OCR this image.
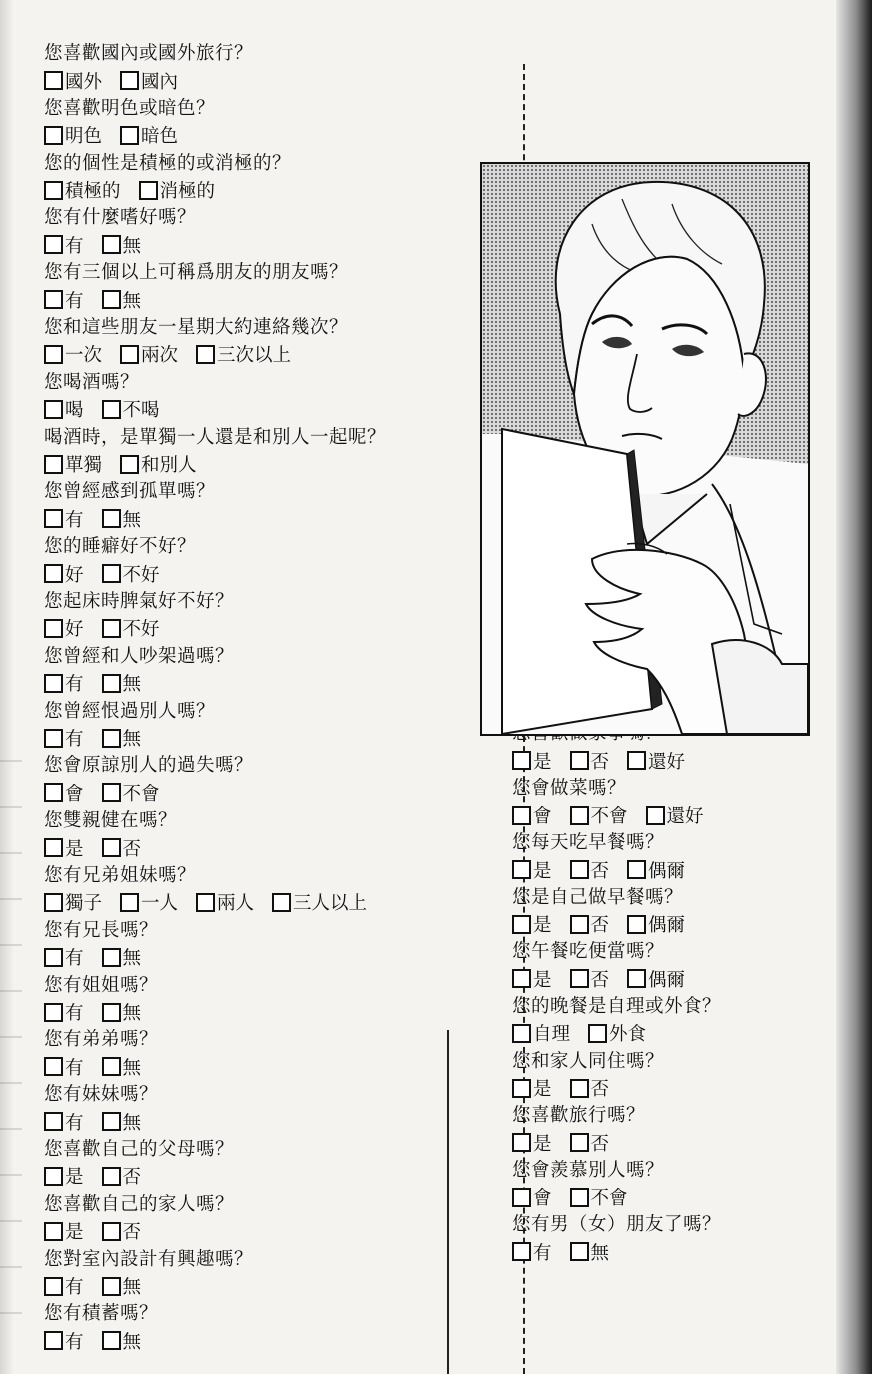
您喜歡國內或國外旅行？
國外 國內
您喜歡明色或暗色？
明色 暗色
您的個性是積極的或消極的？
積極的 消極的
您有什麼嗜好嗎？
有 無
您有三個以上可稱爲朋友的朋友嗎？
有 無
您和這些朋友一星期大約連絡幾次？
一次 兩次 三次以上
您喝酒嗎？
喝 不喝
喝酒時，是單獨一人還是和別人一起呢？
單獨 和別人
您曾經感到孤單嗎？
有 無
您的睡癖好不好？
好 不好
您起床時脾氣好不好？
好 不好
您曾經和人吵架過嗎？
有 無
您曾經恨過別人嗎？
有 無
您會原諒別人的過失嗎？
會 不會
您雙親健在嗎？
是 否
您有兄弟姐妹嗎？
獨子 一人 兩人 三人以上
您有兄長嗎？
有 無
您有姐姐嗎？
有 無
您有弟弟嗎？
有 無
您有妹妹嗎？
有 無
您喜歡自己的父母嗎？
是 否
您喜歡自己的家人嗎？
是 否
您對室內設計有興趣嗎？
有 無
您有積蓄嗎？
有 無
是 否 還好
您會做菜嗎？
會 不會 還好
您每天吃早餐嗎？
是 否 偶爾
您是自己做早餐嗎？
是 否 偶爾
您午餐吃便當嗎？
是 否 偶爾
您的晚餐是自理或外食？
自理 外食
您和家人同住嗎？
是 否
您喜歡旅行嗎？
是 否
您會羨慕別人嗎？
會 不會
您有男（女）朋友了嗎？
有 無
